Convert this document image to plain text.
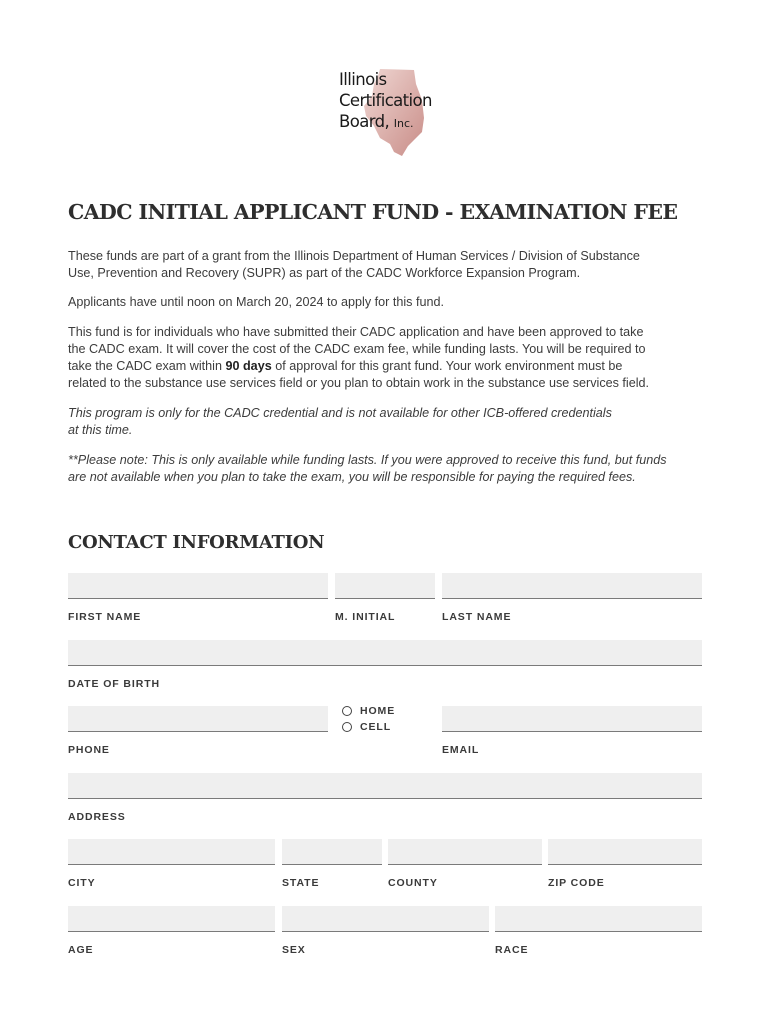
Illinois
Certification
Board, Inc.
CADC INITIAL APPLICANT FUND - EXAMINATION FEE
These funds are part of a grant from the Illinois Department of Human Services / Division of Substance
Use, Prevention and Recovery (SUPR) as part of the CADC Workforce Expansion Program.
Applicants have until noon on March 20, 2024 to apply for this fund.
This fund is for individuals who have submitted their CADC application and have been approved to take
the CADC exam. It will cover the cost of the CADC exam fee, while funding lasts. You will be required to
take the CADC exam within 90 days of approval for this grant fund. Your work environment must be
related to the substance use services field or you plan to obtain work in the substance use services field.
This program is only for the CADC credential and is not available for other ICB-offered credentials
at this time.
**Please note: This is only available while funding lasts. If you were approved to receive this fund, but funds
are not available when you plan to take the exam, you will be responsible for paying the required fees.
CONTACT INFORMATION
FIRST NAME	M. INITIAL	LAST NAME
DATE OF BIRTH
HOME
CELL
PHONE	EMAIL
ADDRESS
CITY	STATE	COUNTY	ZIP CODE
AGE	SEX	RACE
